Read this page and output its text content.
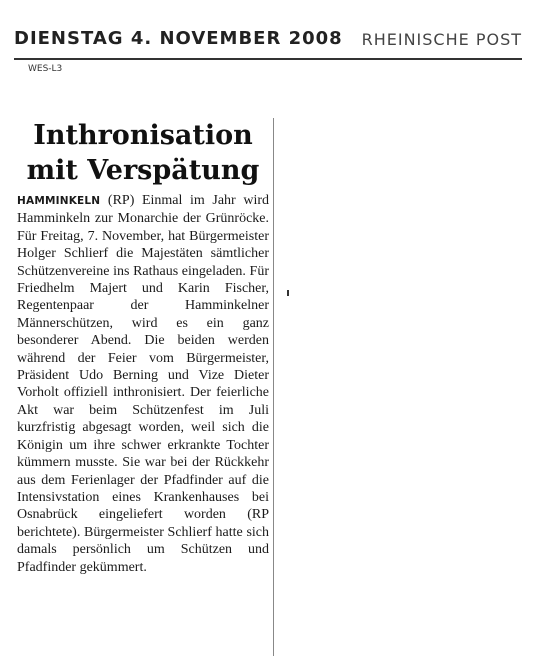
DIENSTAG 4. NOVEMBER 2008 RHEINISCHE POST
WES-L3
Inthronisation
mit Verspätung
HAMMINKELN (RP) Einmal im Jahr wird Hamminkeln zur Monarchie der Grünröcke. Für Freitag, 7. November, hat Bürgermeister Holger Schlierf die Majestäten sämtlicher Schützenvereine ins Rathaus eingeladen. Für Friedhelm Majert und Karin Fischer, Regentenpaar der Hamminkelner Männerschützen, wird es ein ganz besonderer Abend. Die beiden werden während der Feier vom Bürgermeister, Präsident Udo Berning und Vize Dieter Vorholt offiziell inthronisiert. Der feierliche Akt war beim Schützenfest im Juli kurzfristig abgesagt worden, weil sich die Königin um ihre schwer erkrankte Tochter kümmern musste. Sie war bei der Rückkehr aus dem Ferienlager der Pfadfinder auf die Intensivstation eines Krankenhauses bei Osnabrück eingeliefert worden (RP berichtete). Bürgermeister Schlierf hatte sich damals persönlich um Schützen und Pfadfinder gekümmert.
